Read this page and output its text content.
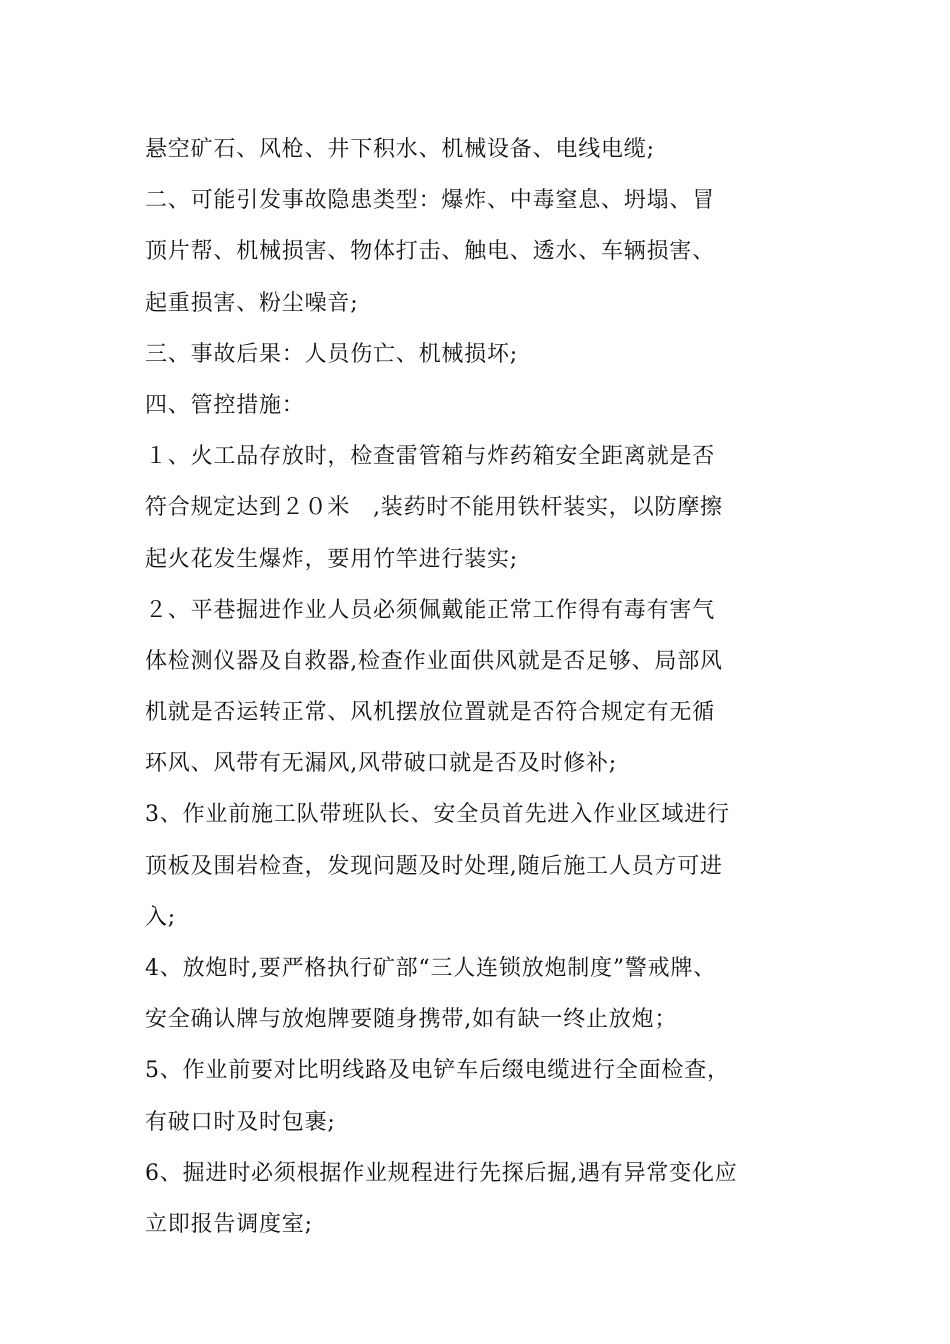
悬空矿石、风枪、井下积水、机械设备、电线电缆;
二、可能引发事故隐患类型：爆炸、中毒窒息、坍塌、冒
顶片帮、机械损害、物体打击、触电、透水、车辆损害、
起重损害、粉尘噪音;
三、事故后果：人员伤亡、机械损坏;
四、管控措施：
１、火工品存放时，检查雷管箱与炸药箱安全距离就是否
符合规定达到２０米　,装药时不能用铁杆装实，以防摩擦
起火花发生爆炸，要用竹竿进行装实;
２、平巷掘进作业人员必须佩戴能正常工作得有毒有害气
体检测仪器及自救器,检查作业面供风就是否足够、局部风
机就是否运转正常、风机摆放位置就是否符合规定有无循
环风、风带有无漏风,风带破口就是否及时修补;
3、作业前施工队带班队长、安全员首先进入作业区域进行
顶板及围岩检查，发现问题及时处理,随后施工人员方可进
入;
4、放炮时,要严格执行矿部“三人连锁放炮制度”警戒牌、
安全确认牌与放炮牌要随身携带,如有缺一终止放炮；
5、作业前要对比明线路及电铲车后缀电缆进行全面检查，
有破口时及时包裹;
6、掘进时必须根据作业规程进行先探后掘,遇有异常变化应
立即报告调度室;
